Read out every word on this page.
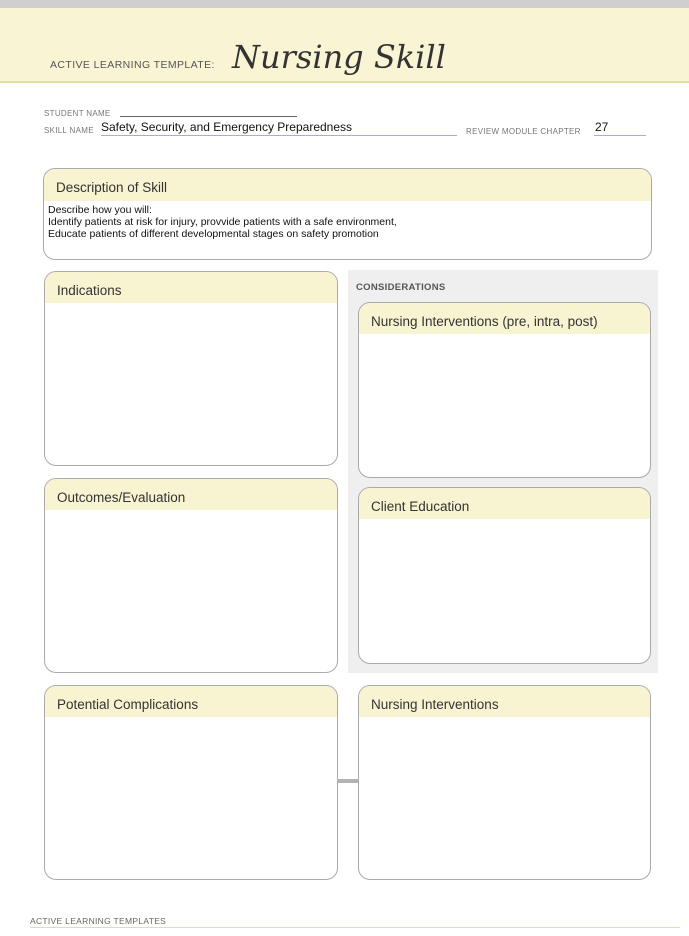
ACTIVE LEARNING TEMPLATE: Nursing Skill
STUDENT NAME
SKILL NAME Safety, Security, and Emergency Preparedness	REVIEW MODULE CHAPTER 27
Description of Skill
Describe how you will:
Identify patients at risk for injury, provvide patients with a safe environment,
Educate patients of different developmental stages on safety promotion
Indications
Outcomes/Evaluation
CONSIDERATIONS
Nursing Interventions (pre, intra, post)
Client Education
Potential Complications	Nursing Interventions
ACTIVE LEARNING TEMPLATES
